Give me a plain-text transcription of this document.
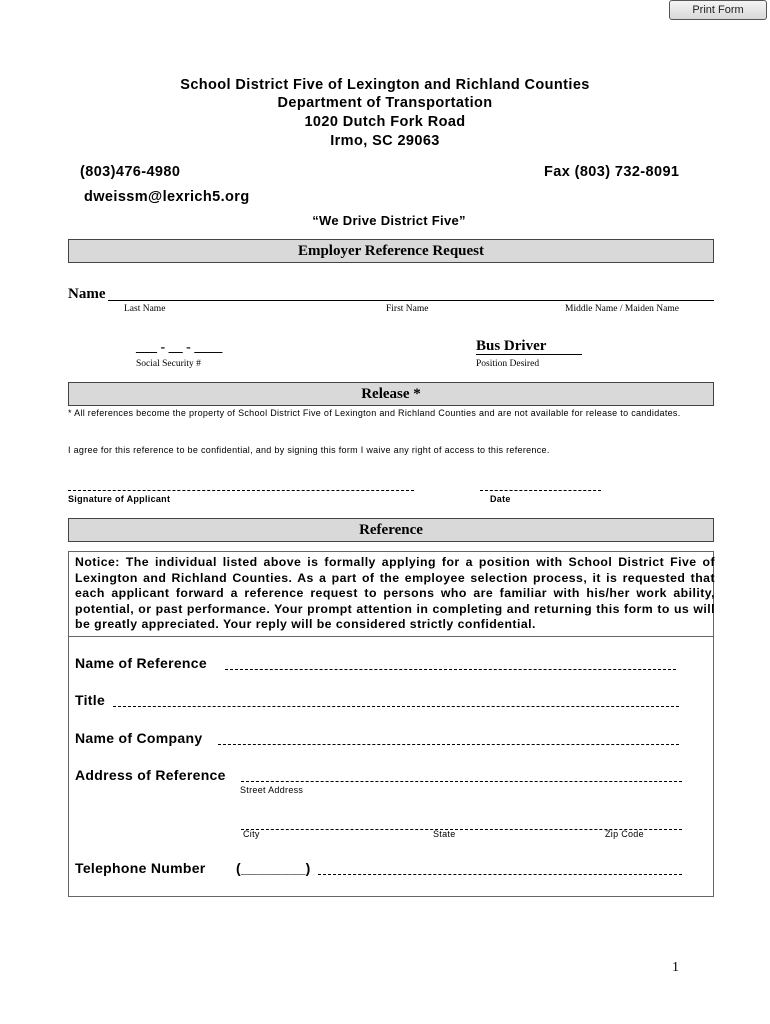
Print Form
School District Five of Lexington and Richland Counties
Department of Transportation
1020 Dutch Fork Road
Irmo, SC 29063
(803)476-4980	Fax (803) 732-8091
dweissm@lexrich5.org
“We Drive District Five”
Employer Reference Request
Name
Last Name	First Name	Middle Name / Maiden Name
___ - __ - ____
Social Security #
Bus Driver
Position Desired
Release *
* All references become the property of School District Five of Lexington and Richland Counties and are not available for release to candidates.
I agree for this reference to be confidential, and by signing this form I waive any right of access to this reference.
Signature of Applicant	Date
Reference
Notice: The individual listed above is formally applying for a position with School District Five of Lexington and Richland Counties. As a part of the employee selection process, it is requested that each applicant forward a reference request to persons who are familiar with his/her work ability, potential, or past performance. Your prompt attention in completing and returning this form to us will be greatly appreciated. Your reply will be considered strictly confidential.
Name of Reference
Title
Name of Company
Address of Reference
Street Address
City	State	Zip Code
Telephone Number (________)
1
